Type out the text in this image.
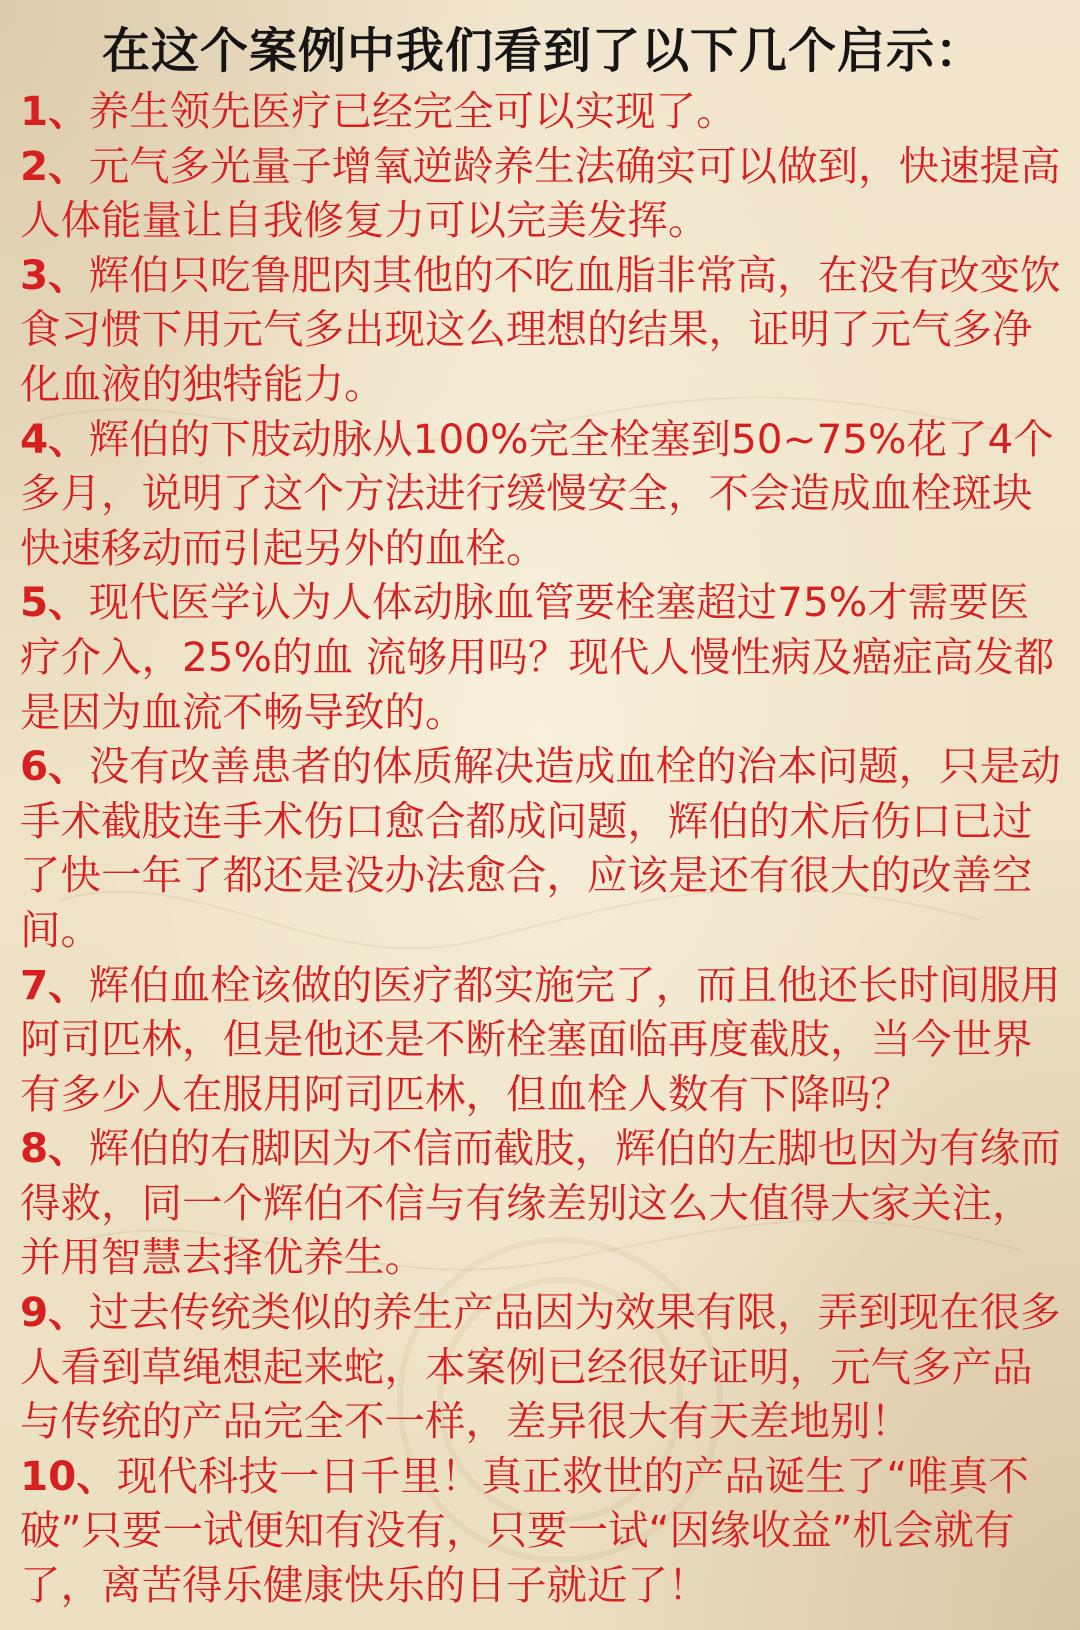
在这个案例中我们看到了以下几个启示：

1、养生领先医疗已经完全可以实现了。

2、元气多光量子增氧逆龄养生法确实可以做到，快速提高人体能量让自我修复力可以完美发挥。

3、辉伯只吃鲁肥肉其他的不吃血脂非常高，在没有改变饮食习惯下用元气多出现这么理想的结果，证明了元气多净化血液的独特能力。

4、辉伯的下肢动脉从100%完全栓塞到50~75%花了4个多月，说明了这个方法进行缓慢安全，不会造成血栓斑块快速移动而引起另外的血栓。

5、现代医学认为人体动脉血管要栓塞超过75%才需要医疗介入，25%的血 流够用吗？现代人慢性病及癌症高发都是因为血流不畅导致的。

6、没有改善患者的体质解决造成血栓的治本问题，只是动手术截肢连手术伤口愈合都成问题，辉伯的术后伤口已过了快一年了都还是没办法愈合，应该是还有很大的改善空间。

7、辉伯血栓该做的医疗都实施完了，而且他还长时间服用阿司匹林，但是他还是不断栓塞面临再度截肢，当今世界有多少人在服用阿司匹林，但血栓人数有下降吗？

8、辉伯的右脚因为不信而截肢，辉伯的左脚也因为有缘而得救，同一个辉伯不信与有缘差别这么大值得大家关注，并用智慧去择优养生。

9、过去传统类似的养生产品因为效果有限，弄到现在很多人看到草绳想起来蛇，本案例已经很好证明，元气多产品与传统的产品完全不一样，差异很大有天差地别！

10、现代科技一日千里！真正救世的产品诞生了“唯真不破”只要一试便知有没有，只要一试“因缘收益”机会就有了，离苦得乐健康快乐的日子就近了！
